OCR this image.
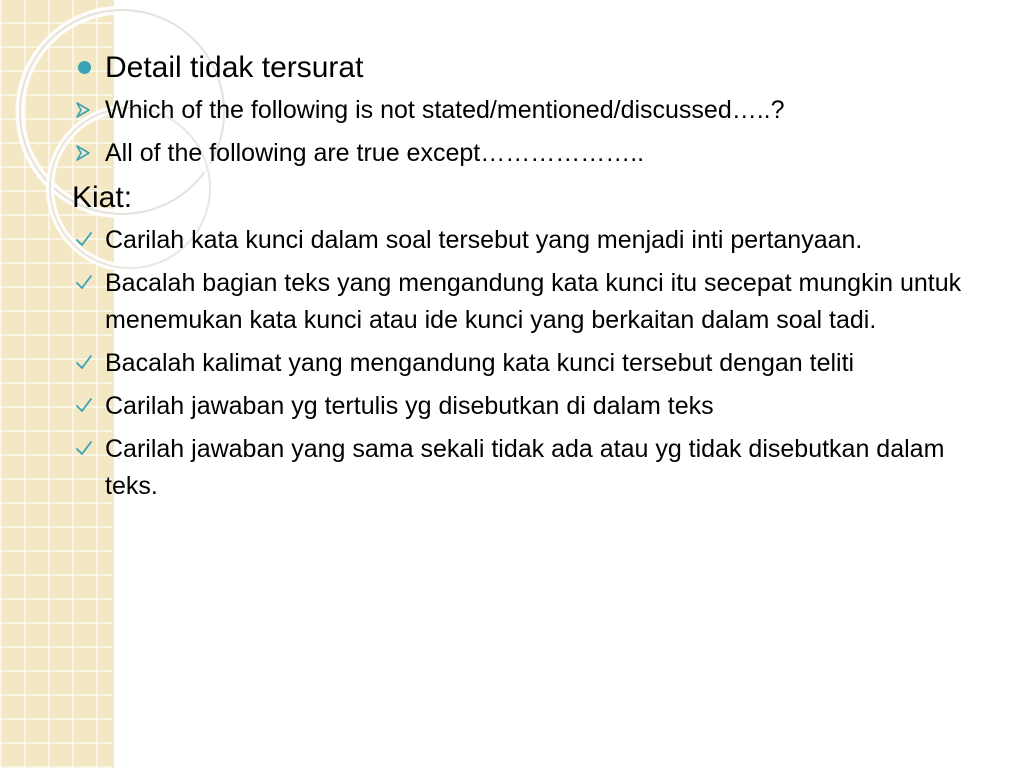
Detail tidak tersurat
Which of the following is not stated/mentioned/discussed…..?
All of the following are true except………………..
Kiat:
Carilah kata kunci dalam soal tersebut yang menjadi inti pertanyaan.
Bacalah bagian teks yang mengandung kata kunci itu secepat mungkin untuk menemukan kata kunci atau ide kunci yang berkaitan dalam soal tadi.
Bacalah kalimat yang mengandung kata kunci tersebut dengan teliti
Carilah jawaban yg tertulis yg disebutkan di dalam teks
Carilah jawaban yang sama sekali tidak ada atau yg tidak disebutkan dalam teks.
